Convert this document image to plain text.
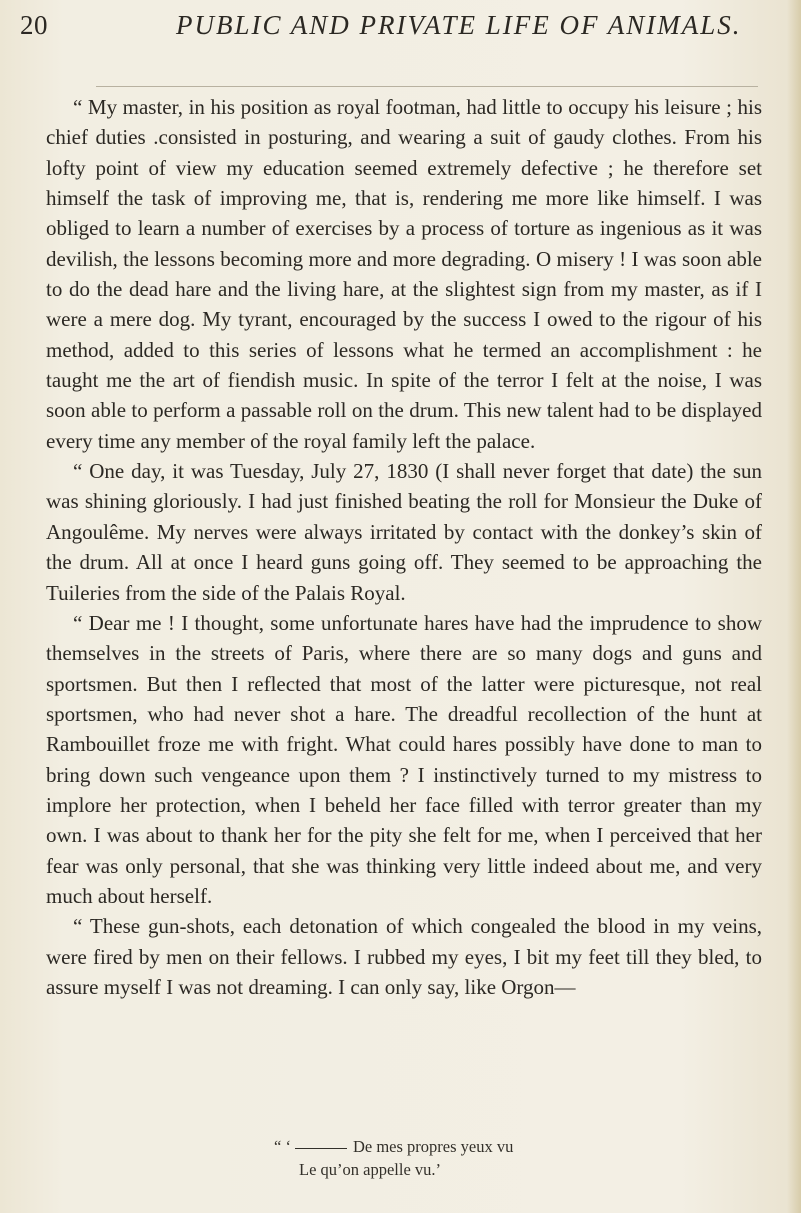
20	PUBLIC AND PRIVATE LIFE OF ANIMALS.

“ My master, in his position as royal footman, had little to occupy his leisure ; his chief duties .consisted in posturing, and wearing a suit of gaudy clothes. From his lofty point of view my education seemed extremely defective ; he therefore set himself the task of improving me, that is, rendering me more like himself. I was obliged to learn a number of exercises by a process of torture as ingenious as it was devilish, the lessons becoming more and more degrading. O misery ! I was soon able to do the dead hare and the living hare, at the slightest sign from my master, as if I were a mere dog. My tyrant, encouraged by the success I owed to the rigour of his method, added to this series of lessons what he termed an accomplishment : he taught me the art of fiendish music. In spite of the terror I felt at the noise, I was soon able to perform a passable roll on the drum. This new talent had to be displayed every time any member of the royal family left the palace.

“ One day, it was Tuesday, July 27, 1830 (I shall never forget that date) the sun was shining gloriously. I had just finished beating the roll for Monsieur the Duke of Angoulême. My nerves were always irritated by contact with the donkey’s skin of the drum. All at once I heard guns going off. They seemed to be approaching the Tuileries from the side of the Palais Royal.

“ Dear me ! I thought, some unfortunate hares have had the imprudence to show themselves in the streets of Paris, where there are so many dogs and guns and sportsmen. But then I reflected that most of the latter were picturesque, not real sportsmen, who had never shot a hare. The dreadful recollection of the hunt at Rambouillet froze me with fright. What could hares possibly have done to man to bring down such vengeance upon them ? I instinctively turned to my mistress to implore her protection, when I beheld her face filled with terror greater than my own. I was about to thank her for the pity she felt for me, when I perceived that her fear was only personal, that she was thinking very little indeed about me, and very much about herself.

“ These gun-shots, each detonation of which congealed the blood in my veins, were fired by men on their fellows. I rubbed my eyes, I bit my feet till they bled, to assure myself I was not dreaming. I can only say, like Orgon—

“ ‘	De mes propres yeux vu
Le qu’on appelle vu.’
